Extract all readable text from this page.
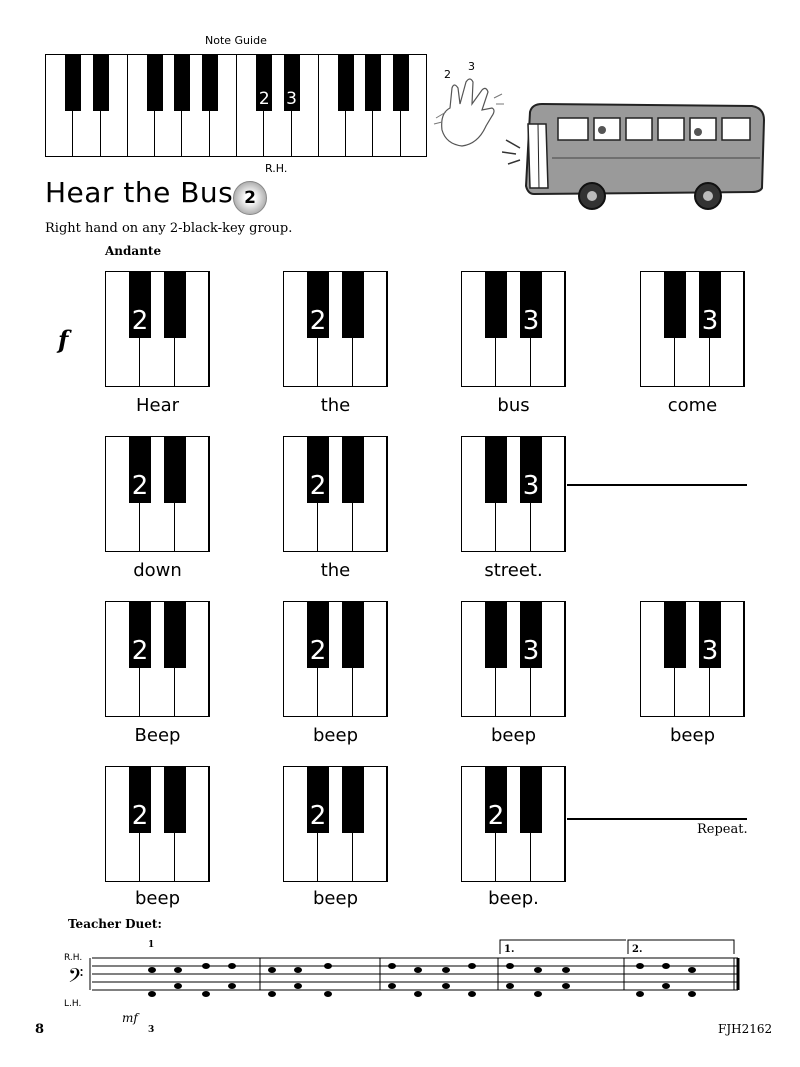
Note Guide
2 3
R.H.
2
3
Hear the Bus 2
Right hand on any 2-black-key group.
Andante
f
2
Hear
2
the
3
bus
3
come
2
down
2
the
3
street.
2
Beep
2
beep
3
beep
3
beep
2
beep
2
beep
2
beep.
Repeat.
Teacher Duet:
R.H.
L.H.
𝄢
1
3
mf
1.	2.
8	FJH2162
